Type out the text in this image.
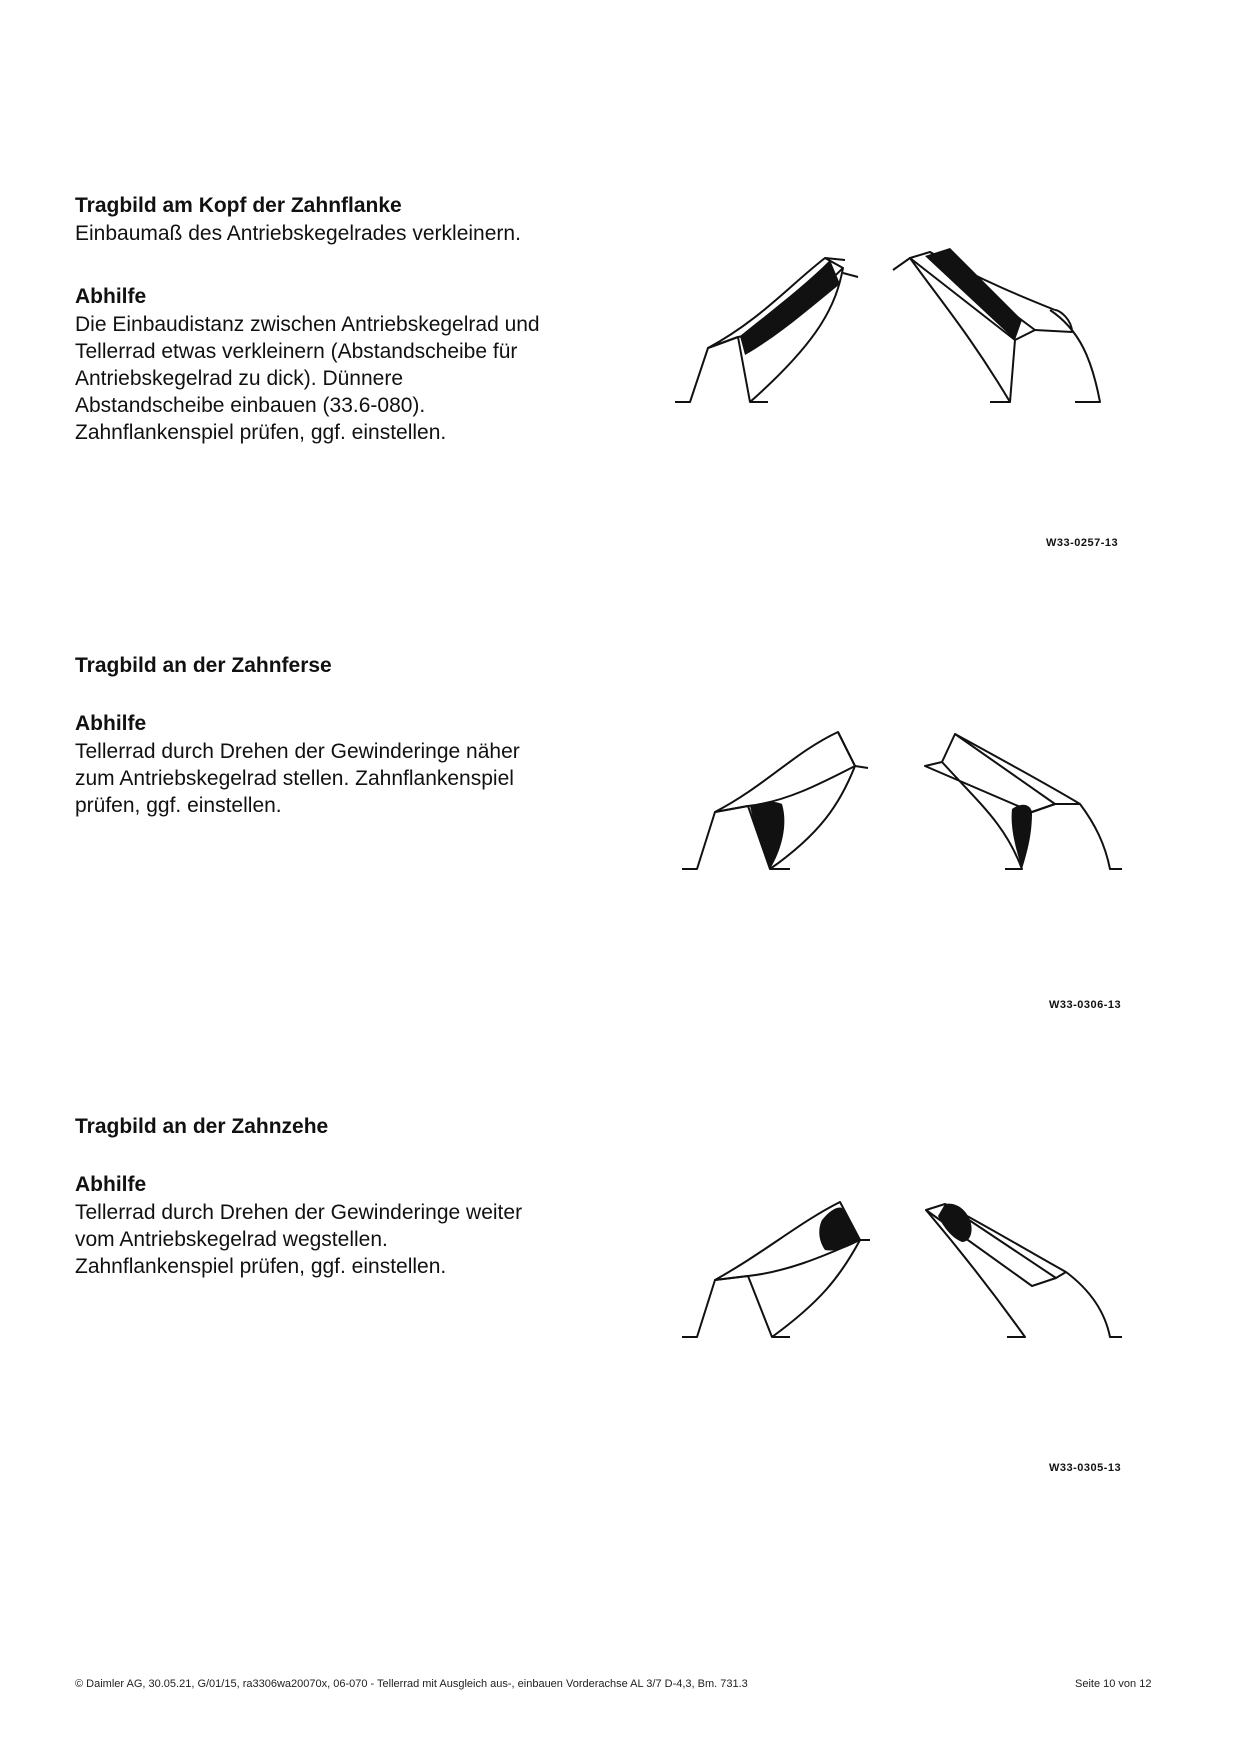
Tragbild am Kopf der Zahnflanke

Einbaumaß des Antriebskegelrades verkleinern.

Abhilfe

Die Einbaudistanz zwischen Antriebskegelrad und
Tellerrad etwas verkleinern (Abstandscheibe für
Antriebskegelrad zu dick). Dünnere
Abstandscheibe einbauen (33.6-080).
Zahnflankenspiel prüfen, ggf. einstellen.

W33-0257-13

Tragbild an der Zahnferse

Abhilfe

Tellerrad durch Drehen der Gewinderinge näher
zum Antriebskegelrad stellen. Zahnflankenspiel
prüfen, ggf. einstellen.

W33-0306-13

Tragbild an der Zahnzehe

Abhilfe

Tellerrad durch Drehen der Gewinderinge weiter
vom Antriebskegelrad wegstellen.
Zahnflankenspiel prüfen, ggf. einstellen.

W33-0305-13
© Daimler AG, 30.05.21, G/01/15, ra3306wa20070x, 06-070 - Tellerrad mit Ausgleich aus-, einbauen Vorderachse AL 3/7 D-4,3, Bm. 731.3	Seite 10 von 12
